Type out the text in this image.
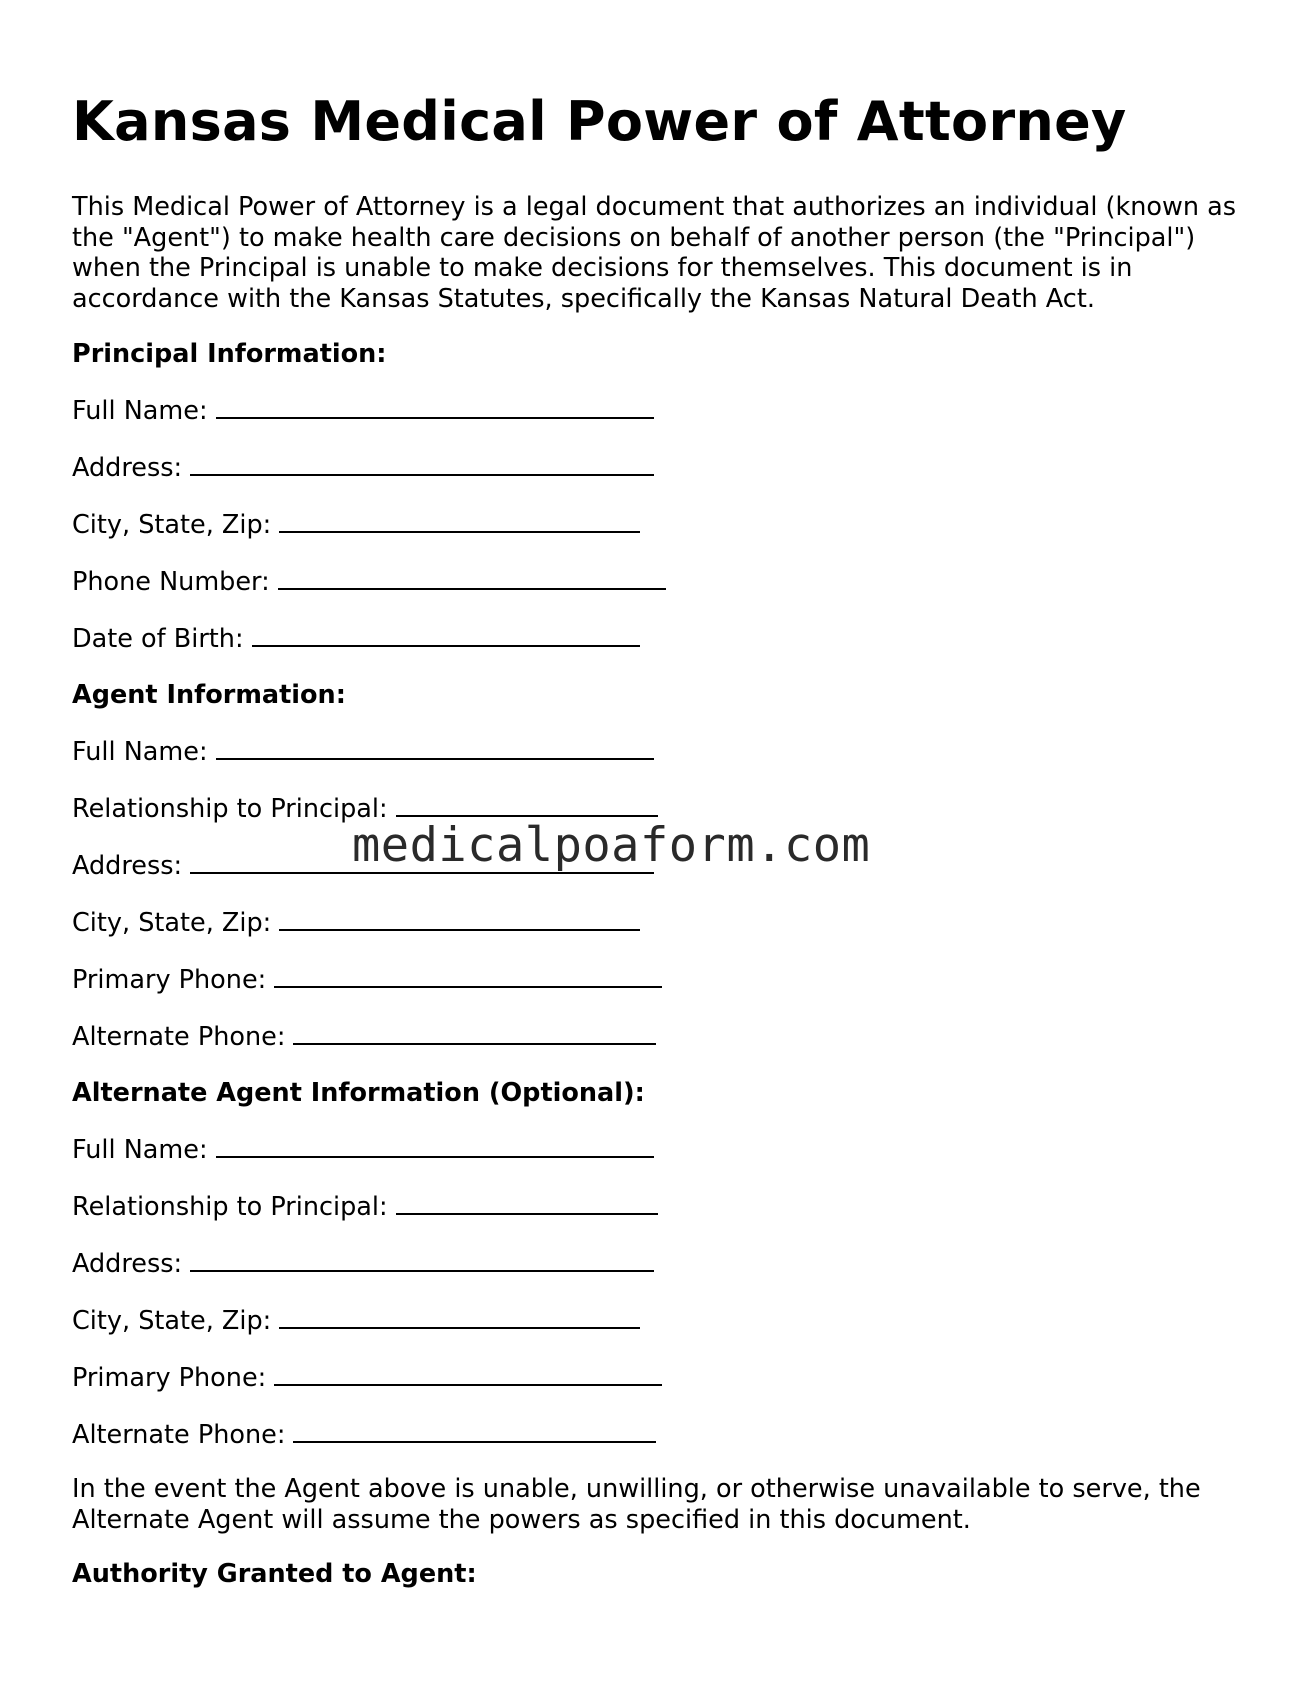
Kansas Medical Power of Attorney

This Medical Power of Attorney is a legal document that authorizes an individual (known as the "Agent") to make health care decisions on behalf of another person (the "Principal") when the Principal is unable to make decisions for themselves. This document is in accordance with the Kansas Statutes, specifically the Kansas Natural Death Act.

Principal Information:

Full Name:

Address:

City, State, Zip:

Phone Number:

Date of Birth:

Agent Information:

Full Name:

Relationship to Principal:

Address:

City, State, Zip:

Primary Phone:

Alternate Phone:

Alternate Agent Information (Optional):

Full Name:

Relationship to Principal:

Address:

City, State, Zip:

Primary Phone:

Alternate Phone:

In the event the Agent above is unable, unwilling, or otherwise unavailable to serve, the Alternate Agent will assume the powers as specified in this document.

Authority Granted to Agent:

medicalpoaform.com
